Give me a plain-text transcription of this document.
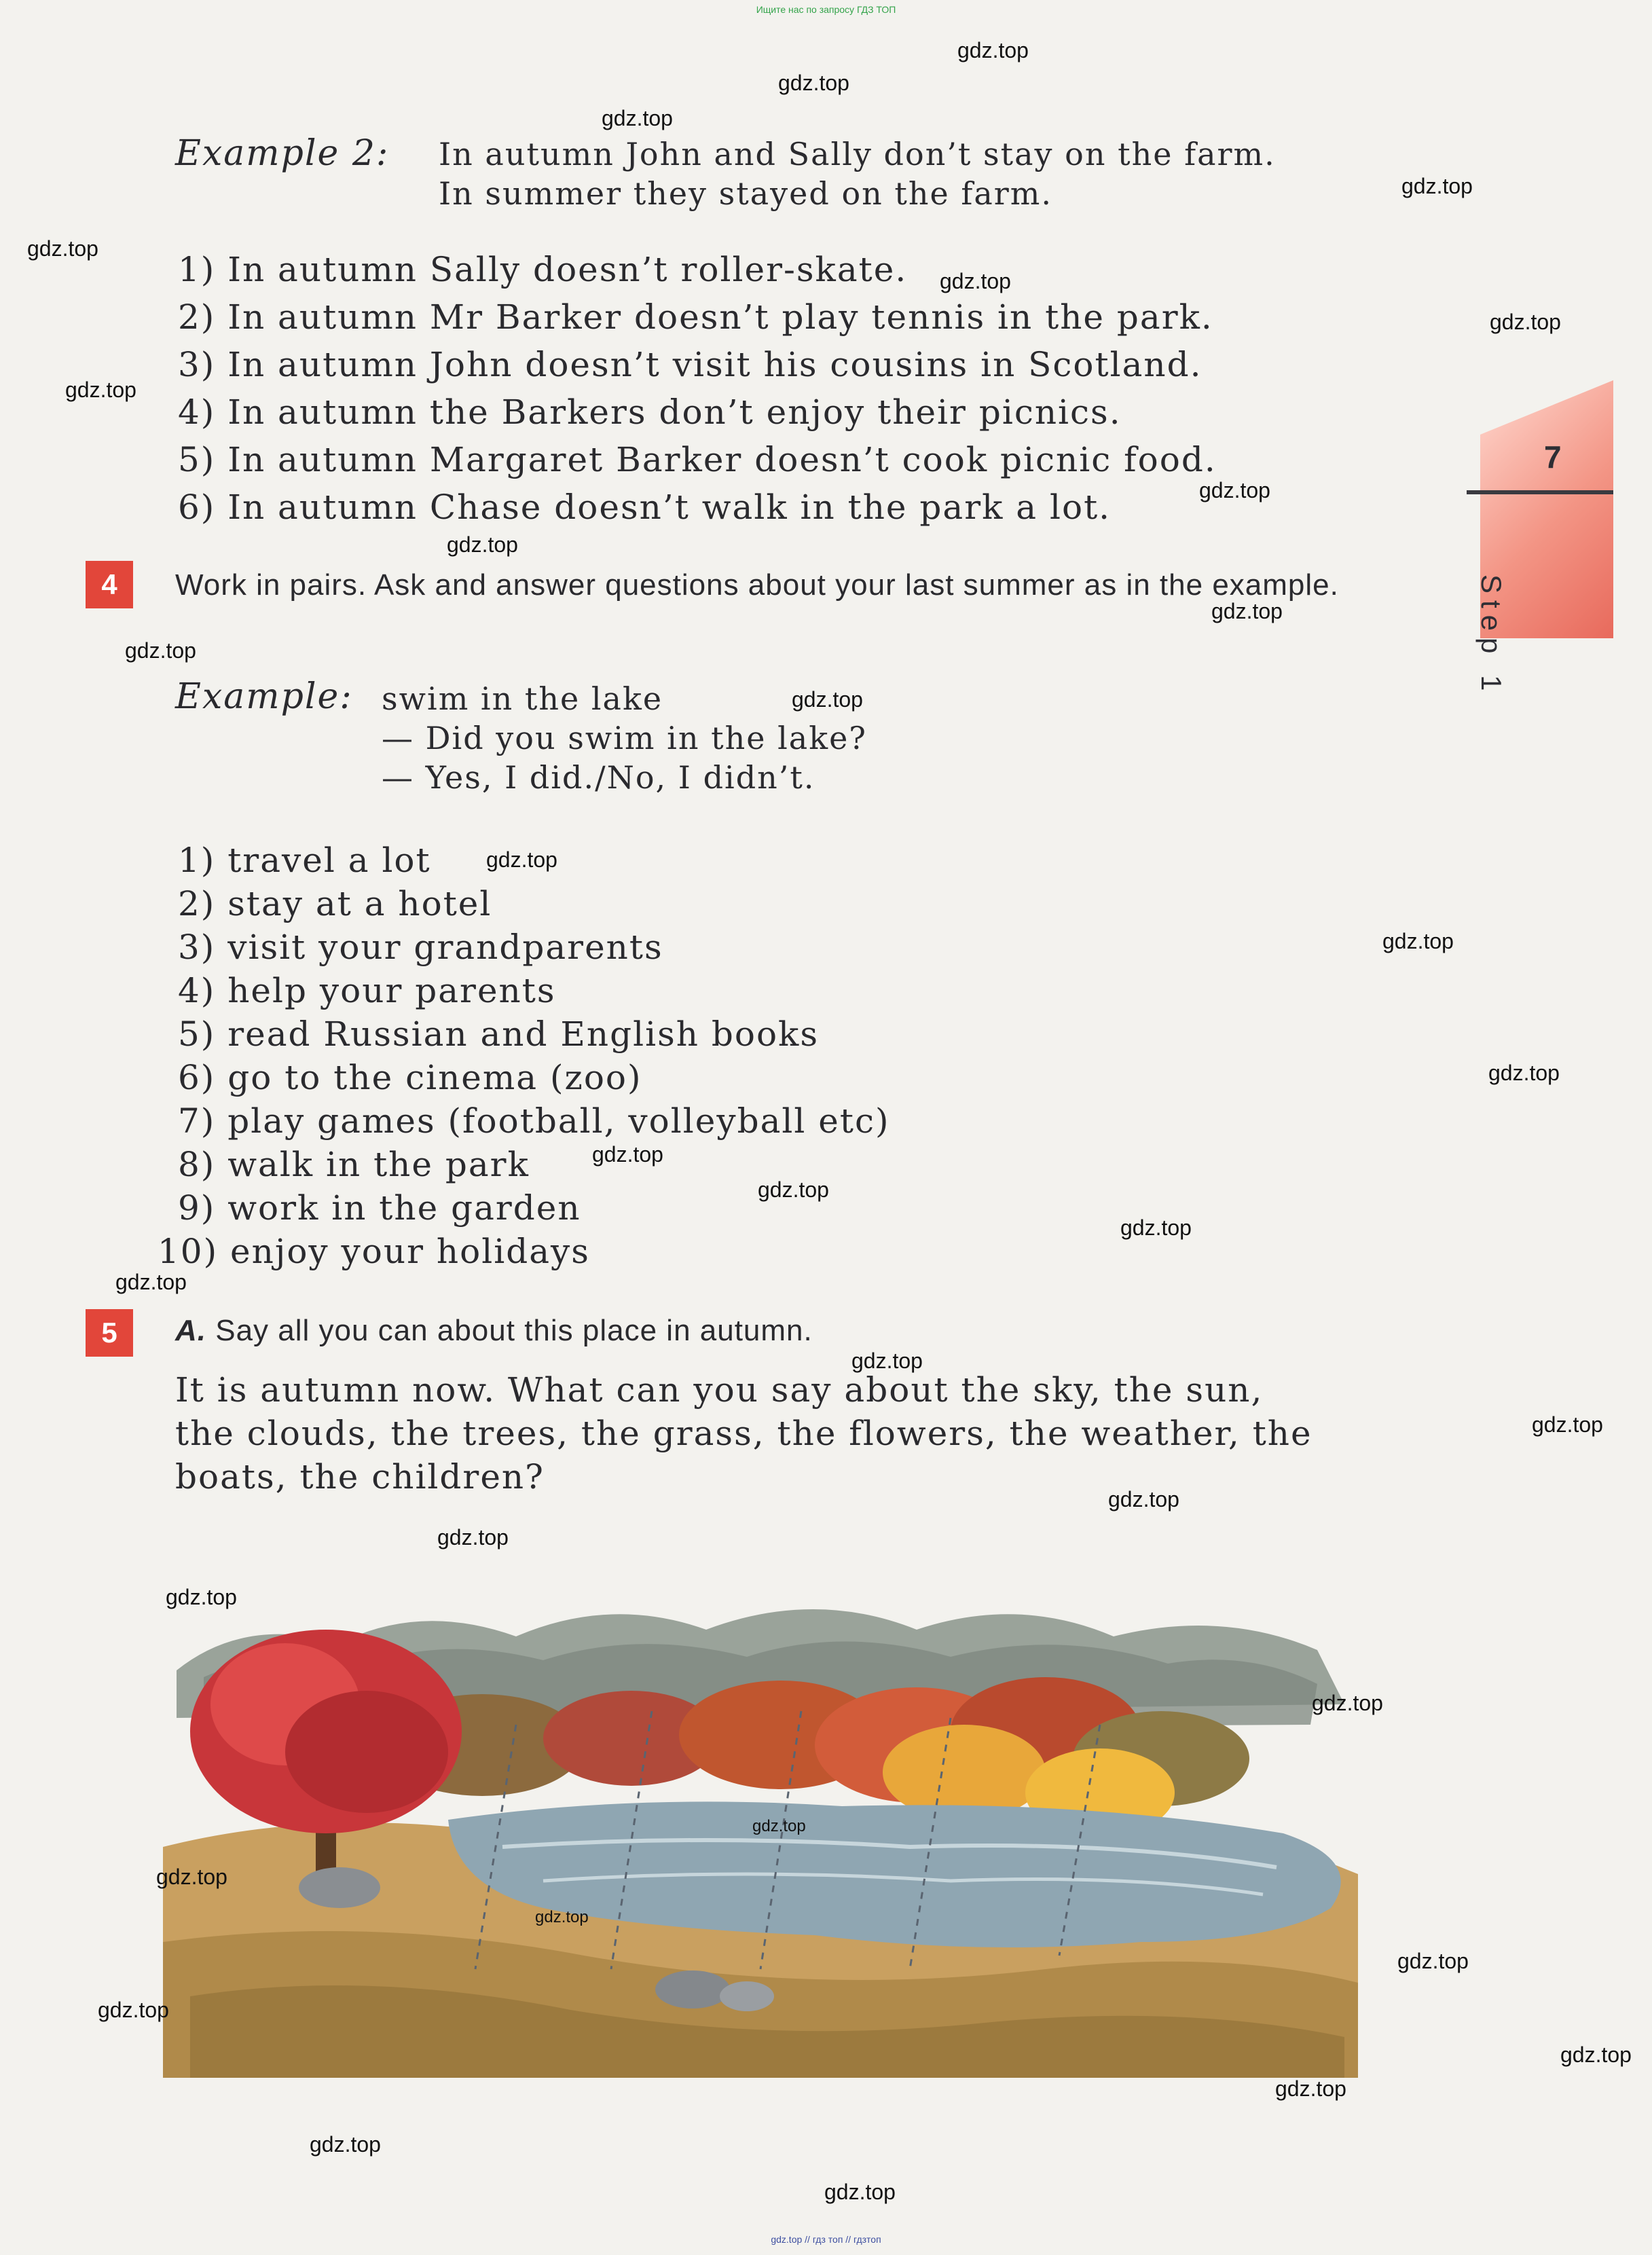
Ищите нас по запросу ГДЗ ТОП
gdz.top // гдз топ // гдзтоп
7
Step 1
Example 2: In autumn John and Sally don’t stay on the farm.
In summer they stayed on the farm.
1) In autumn Sally doesn’t roller-skate.
2) In autumn Mr Barker doesn’t play tennis in the park.
3) In autumn John doesn’t visit his cousins in Scotland.
4) In autumn the Barkers don’t enjoy their picnics.
5) In autumn Margaret Barker doesn’t cook picnic food.
6) In autumn Chase doesn’t walk in the park a lot.
4	Work in pairs. Ask and answer questions about your last summer as in the example.
Example: swim in the lake
— Did you swim in the lake?
— Yes, I did./No, I didn’t.
1) travel a lot
2) stay at a hotel
3) visit your grandparents
4) help your parents
5) read Russian and English books
6) go to the cinema (zoo)
7) play games (football, volleyball etc)
8) walk in the park
9) work in the garden
10) enjoy your holidays
5	A. Say all you can about this place in autumn.
It is autumn now. What can you say about the sky, the sun,
the clouds, the trees, the grass, the flowers, the weather, the
boats, the children?
gdz.top
gdz.top
gdz.top
gdz.top
gdz.top
gdz.top
gdz.top
gdz.top
gdz.top
gdz.top
gdz.top
gdz.top
gdz.top
gdz.top
gdz.top
gdz.top
gdz.top
gdz.top
gdz.top
gdz.top
gdz.top
gdz.top
gdz.top
gdz.top
gdz.top
gdz.top
gdz.top
gdz.top
gdz.top
gdz.top
gdz.top
gdz.top
gdz.top
gdz.top
gdz.top
